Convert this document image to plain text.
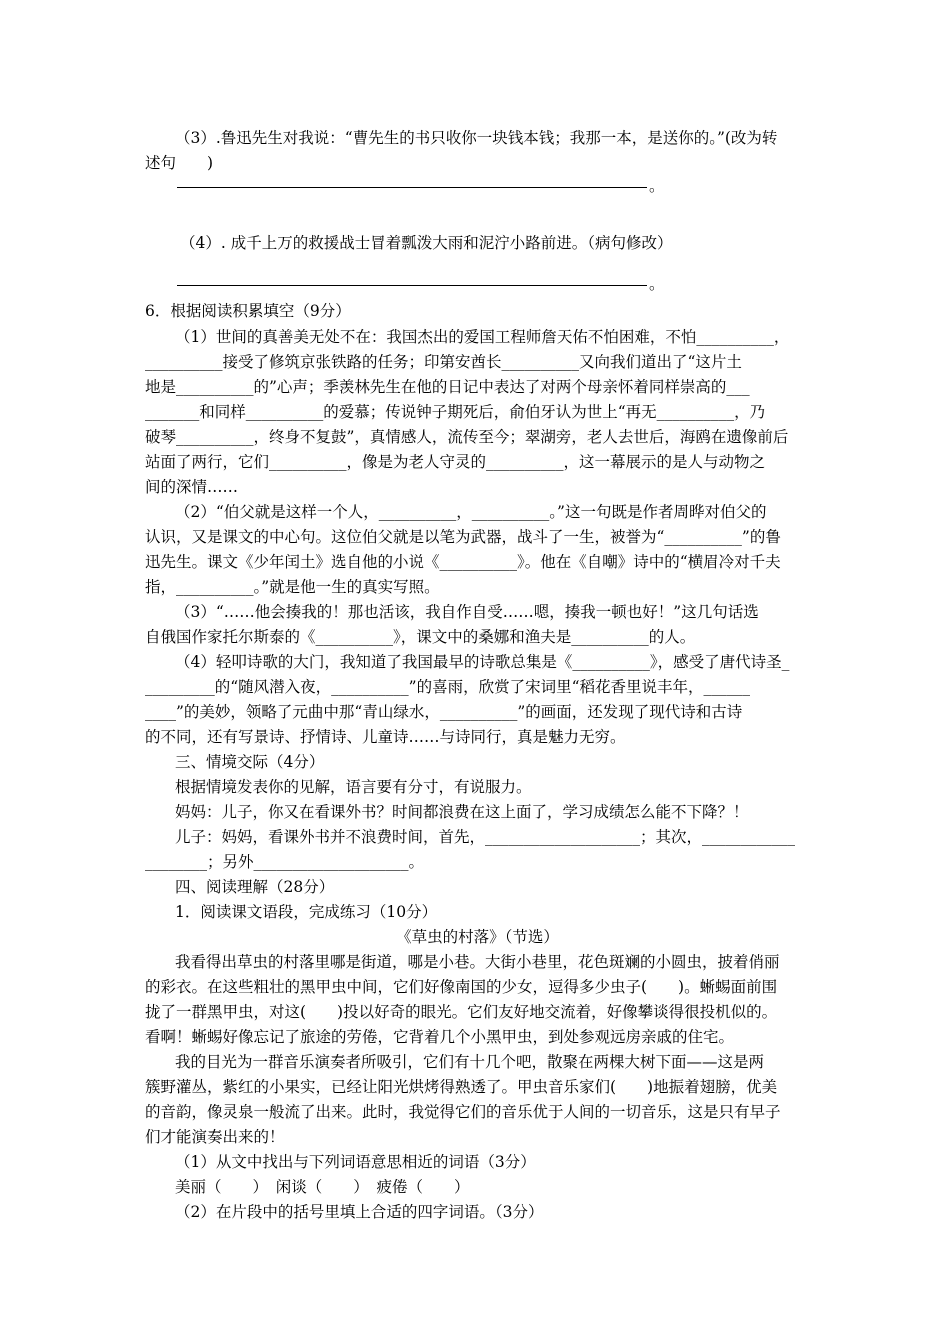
（3）.鲁迅先生对我说：“曹先生的书只收你一块钱本钱；我那一本，是送你的。”(改为转
述句　　)
。
（4）. 成千上万的救援战士冒着瓢泼大雨和泥泞小路前进。（病句修改）
。
6．根据阅读积累填空（9分）
（1）世间的真善美无处不在：我国杰出的爱国工程师詹天佑不怕困难，不怕__________，
__________接受了修筑京张铁路的任务；印第安酋长__________又向我们道出了“这片土
地是__________的”心声；季羡林先生在他的日记中表达了对两个母亲怀着同样崇高的___
_______和同样__________的爱慕；传说钟子期死后，俞伯牙认为世上“再无__________，乃
破琴__________，终身不复鼓”，真情感人，流传至今；翠湖旁，老人去世后，海鸥在遗像前后
站面了两行，它们__________，像是为老人守灵的__________，这一幕展示的是人与动物之
间的深情……
（2）“伯父就是这样一个人，__________，__________。”这一句既是作者周晔对伯父的
认识，又是课文的中心句。这位伯父就是以笔为武器，战斗了一生，被誉为“__________”的鲁
迅先生。课文《少年闰土》选自他的小说《__________》。他在《自嘲》诗中的“横眉冷对千夫
指，__________。”就是他一生的真实写照。
（3）“……他会揍我的！那也活该，我自作自受……嗯，揍我一顿也好！”这几句话选
自俄国作家托尔斯泰的《__________》，课文中的桑娜和渔夫是__________的人。
（4）轻叩诗歌的大门，我知道了我国最早的诗歌总集是《__________》，感受了唐代诗圣_
_________的“随风潜入夜，__________”的喜雨，欣赏了宋词里“稻花香里说丰年，______
____”的美妙，领略了元曲中那“青山绿水，__________”的画面，还发现了现代诗和古诗
的不同，还有写景诗、抒情诗、儿童诗……与诗同行，真是魅力无穷。
三、情境交际（4分）
根据情境发表你的见解，语言要有分寸，有说服力。
妈妈：儿子，你又在看课外书？时间都浪费在这上面了，学习成绩怎么能不下降？！
儿子：妈妈，看课外书并不浪费时间，首先，____________________；其次，____________
________；另外____________________。
四、阅读理解（28分）
1．阅读课文语段，完成练习（10分）
《草虫的村落》（节选）
我看得出草虫的村落里哪是街道，哪是小巷。大街小巷里，花色斑斓的小圆虫，披着俏丽
的彩衣。在这些粗壮的黑甲虫中间，它们好像南国的少女，逗得多少虫子(　　)。蜥蜴面前围
拢了一群黑甲虫，对这(　　)投以好奇的眼光。它们友好地交流着，好像攀谈得很投机似的。
看啊！蜥蜴好像忘记了旅途的劳倦，它背着几个小黑甲虫，到处参观远房亲戚的住宅。
我的目光为一群音乐演奏者所吸引，它们有十几个吧，散聚在两棵大树下面——这是两
簇野灌丛，紫红的小果实，已经让阳光烘烤得熟透了。甲虫音乐家们(　　)地振着翅膀，优美
的音韵，像灵泉一般流了出来。此时，我觉得它们的音乐优于人间的一切音乐，这是只有早子
们才能演奏出来的！
（1）从文中找出与下列词语意思相近的词语（3分）
美丽（　　）　闲谈（　　）　疲倦（　　）
（2）在片段中的括号里填上合适的四字词语。（3分）
